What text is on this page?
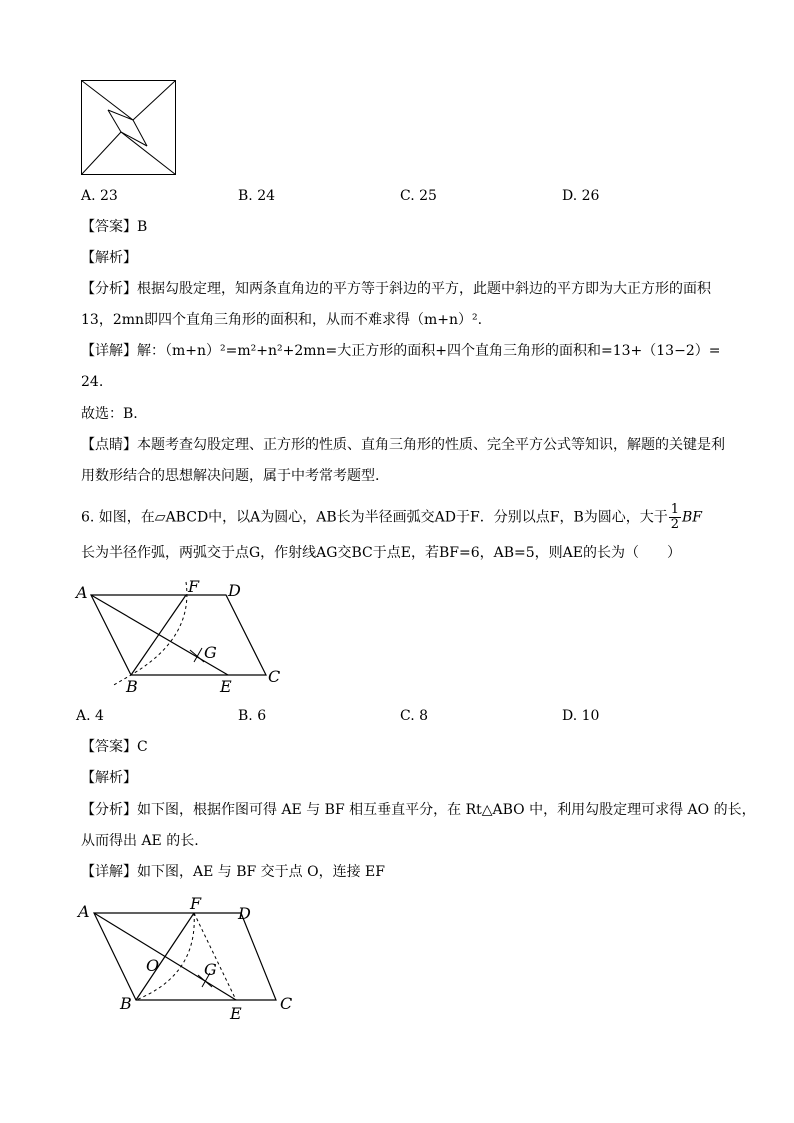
A. 23	B. 24	C. 25	D. 26
【答案】B
【解析】
【分析】根据勾股定理，知两条直角边的平方等于斜边的平方，此题中斜边的平方即为大正方形的面积
13，2mn即四个直角三角形的面积和，从而不难求得（m+n）².
【详解】解：（m+n）²=m²+n²+2mn=大正方形的面积+四个直角三角形的面积和=13+（13−2）=
24.
故选：B.
【点睛】本题考查勾股定理、正方形的性质、直角三角形的性质、完全平方公式等知识，解题的关键是利
用数形结合的思想解决问题，属于中考常考题型.
6. 如图，在▱ABCD中，以A为圆心，AB长为半径画弧交AD于F．分别以点F，B为圆心，大于 $\frac{1}{2}$ BF
长为半径作弧，两弧交于点G，作射线AG交BC于点E，若BF=6，AB=5，则AE的长为（　　）
A	F D
G
B	E
C
A. 4	B. 6	C. 8	D. 10
【答案】C
【解析】
【分析】如下图，根据作图可得 AE 与 BF 相互垂直平分，在 Rt△ABO 中，利用勾股定理可求得 AO 的长，
从而得出 AE 的长.
【详解】如下图，AE 与 BF 交于点 O，连接 EF
A	F
D
O	G
B
E
C
